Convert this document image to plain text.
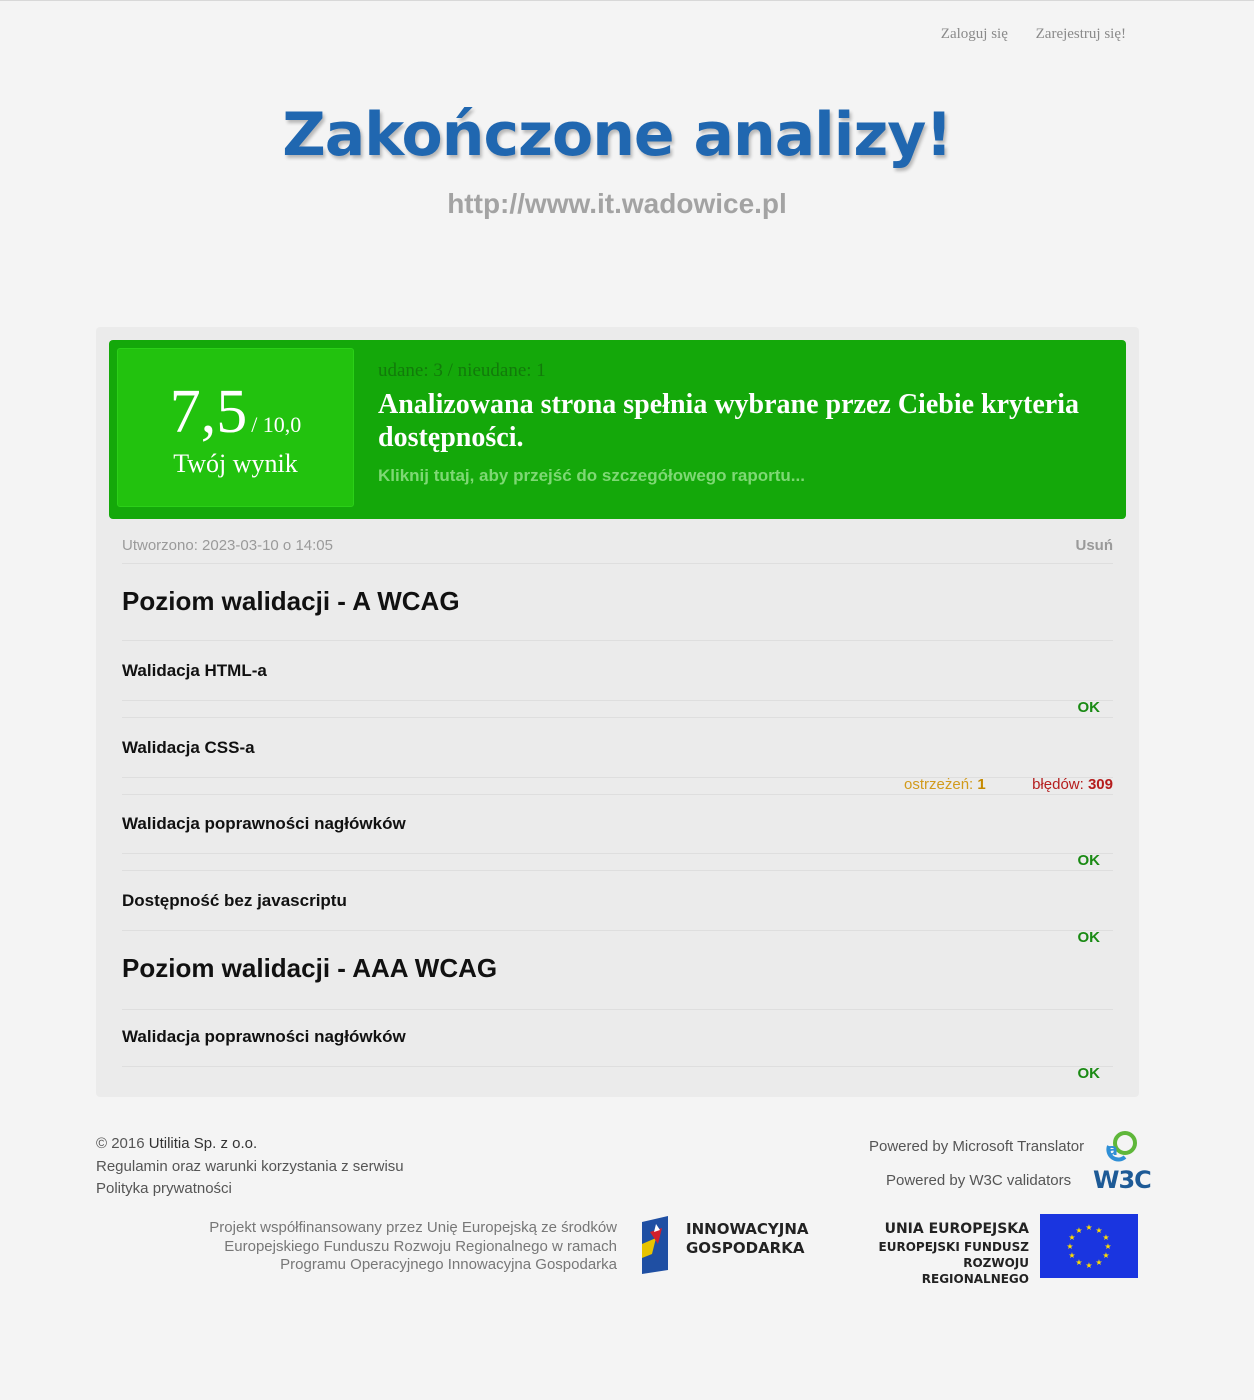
Zaloguj się Zarejestruj się!
Zakończone analizy!
http://www.it.wadowice.pl
7,5 / 10,0
Twój wynik
udane: 3 / nieudane: 1
Analizowana strona spełnia wybrane przez Ciebie kryteria dostępności.
Kliknij tutaj, aby przejść do szczegółowego raportu...
Utworzono: 2023-03-10 o 14:05	Usuń
Poziom walidacji - A WCAG
Walidacja HTML-a
OK
Walidacja CSS-a
ostrzeżeń: 1	błędów: 309
Walidacja poprawności nagłówków
OK
Dostępność bez javascriptu
OK
Poziom walidacji - AAA WCAG
Walidacja poprawności nagłówków
OK
© 2016 Utilitia Sp. z o.o.
Regulamin oraz warunki korzystania z serwisu
Polityka prywatności
Powered by Microsoft Translator a
Powered by W3C validators W3C
Projekt współfinansowany przez Unię Europejską ze środków
Europejskiego Funduszu Rozwoju Regionalnego w ramach
Programu Operacyjnego Innowacyjna Gospodarka
INNOWACYJNA
GOSPODARKA
UNIA EUROPEJSKA
EUROPEJSKI FUNDUSZ
ROZWOJU REGIONALNEGO
★ ★
★
★
★
★
★
★
★
★
★
★
